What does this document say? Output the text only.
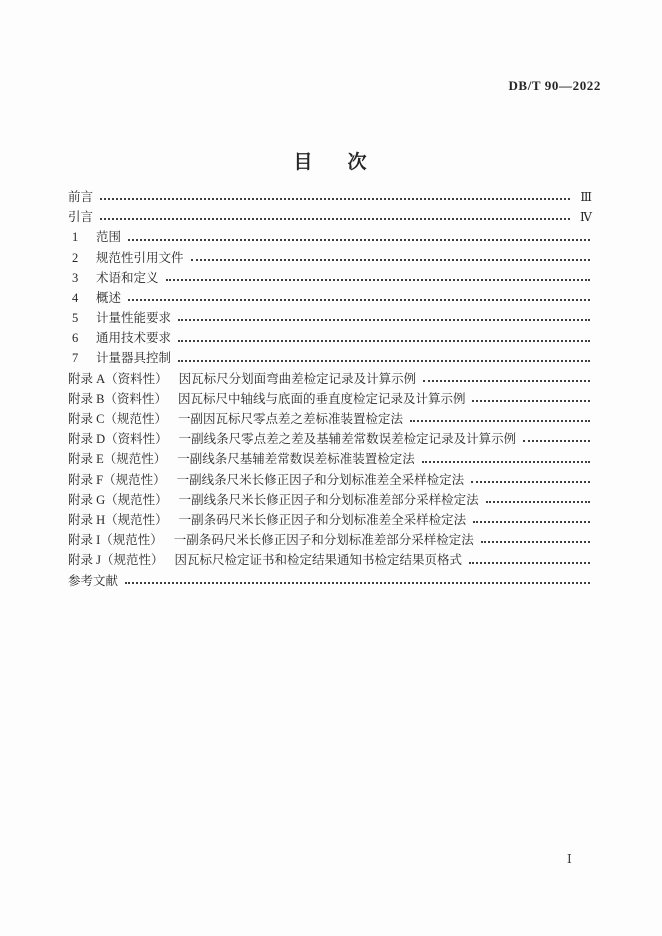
DB/T 90—2022
目　次
前言	Ⅲ
引言	Ⅳ
1	范围
2	规范性引用文件
3	术语和定义
4	概述
5	计量性能要求
6	通用技术要求
7	计量器具控制
附录 A（资料性） 因瓦标尺分划面弯曲差检定记录及计算示例
附录 B（资料性） 因瓦标尺中轴线与底面的垂直度检定记录及计算示例
附录 C（规范性） 一副因瓦标尺零点差之差标准装置检定法
附录 D（资料性） 一副线条尺零点差之差及基辅差常数误差检定记录及计算示例
附录 E（规范性） 一副线条尺基辅差常数误差标准装置检定法
附录 F（规范性） 一副线条尺米长修正因子和分划标准差全采样检定法
附录 G（规范性） 一副线条尺米长修正因子和分划标准差部分采样检定法
附录 H（规范性） 一副条码尺米长修正因子和分划标准差全采样检定法
附录 I（规范性） 一副条码尺米长修正因子和分划标准差部分采样检定法
附录 J（规范性） 因瓦标尺检定证书和检定结果通知书检定结果页格式
参考文献
Ⅰ
